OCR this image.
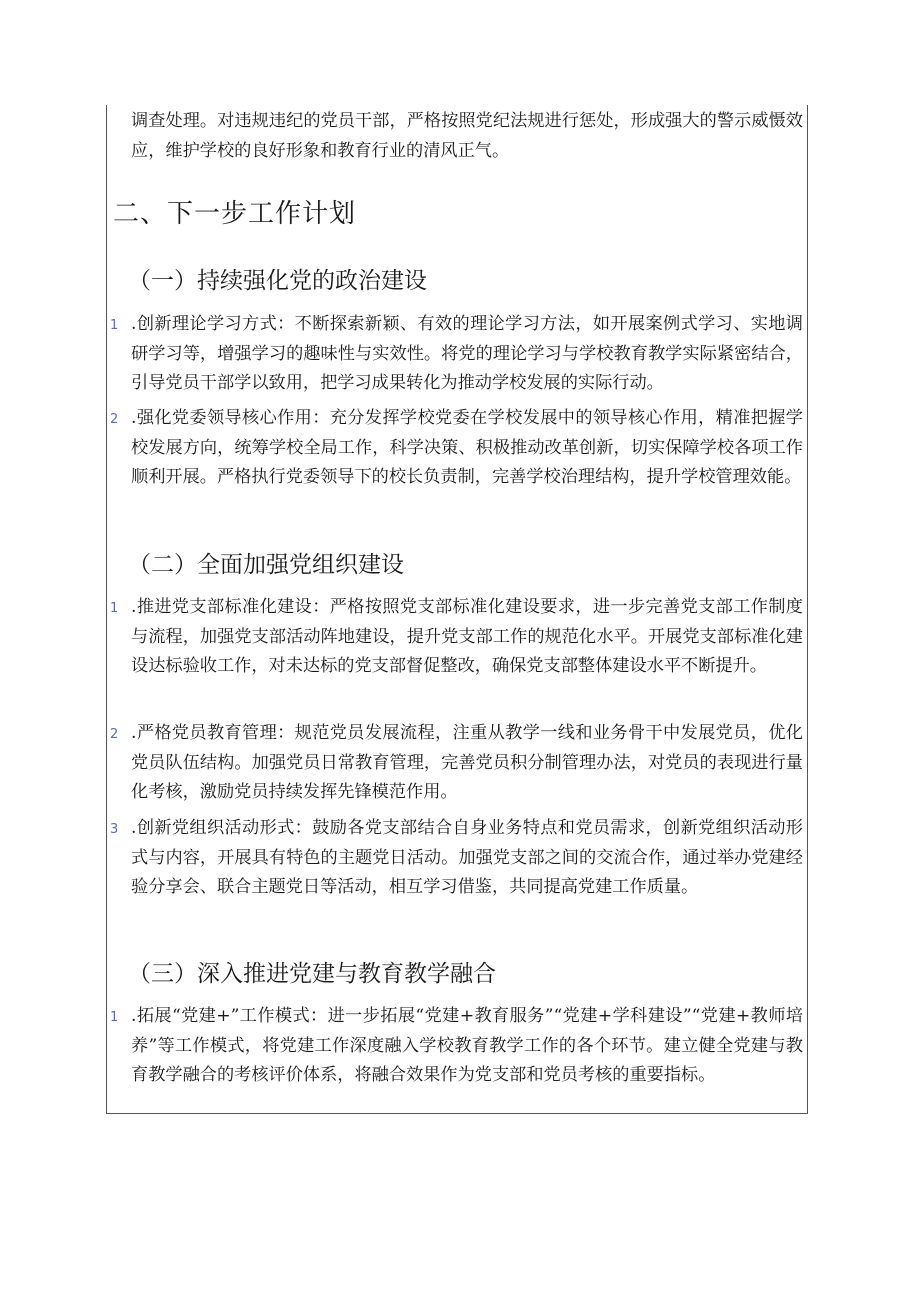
调查处理。对违规违纪的党员干部，严格按照党纪法规进行惩处，形成强大的警示威慑效应，维护学校的良好形象和教育行业的清风正气。
二、下一步工作计划
（一）持续强化党的政治建设
1 .创新理论学习方式：不断探索新颖、有效的理论学习方法，如开展案例式学习、实地调研学习等，增强学习的趣味性与实效性。将党的理论学习与学校教育教学实际紧密结合，引导党员干部学以致用，把学习成果转化为推动学校发展的实际行动。
2 .强化党委领导核心作用：充分发挥学校党委在学校发展中的领导核心作用，精准把握学校发展方向，统筹学校全局工作，科学决策、积极推动改革创新，切实保障学校各项工作顺利开展。严格执行党委领导下的校长负责制，完善学校治理结构，提升学校管理效能。
（二）全面加强党组织建设
1 .推进党支部标准化建设：严格按照党支部标准化建设要求，进一步完善党支部工作制度与流程，加强党支部活动阵地建设，提升党支部工作的规范化水平。开展党支部标准化建设达标验收工作，对未达标的党支部督促整改，确保党支部整体建设水平不断提升。
2 .严格党员教育管理：规范党员发展流程，注重从教学一线和业务骨干中发展党员，优化党员队伍结构。加强党员日常教育管理，完善党员积分制管理办法，对党员的表现进行量化考核，激励党员持续发挥先锋模范作用。
3 .创新党组织活动形式：鼓励各党支部结合自身业务特点和党员需求，创新党组织活动形式与内容，开展具有特色的主题党日活动。加强党支部之间的交流合作，通过举办党建经验分享会、联合主题党日等活动，相互学习借鉴，共同提高党建工作质量。
（三）深入推进党建与教育教学融合
1 .拓展“党建+”工作模式：进一步拓展“党建+教育服务”“党建+学科建设”“党建+教师培养”等工作模式，将党建工作深度融入学校教育教学工作的各个环节。建立健全党建与教育教学融合的考核评价体系，将融合效果作为党支部和党员考核的重要指标。
